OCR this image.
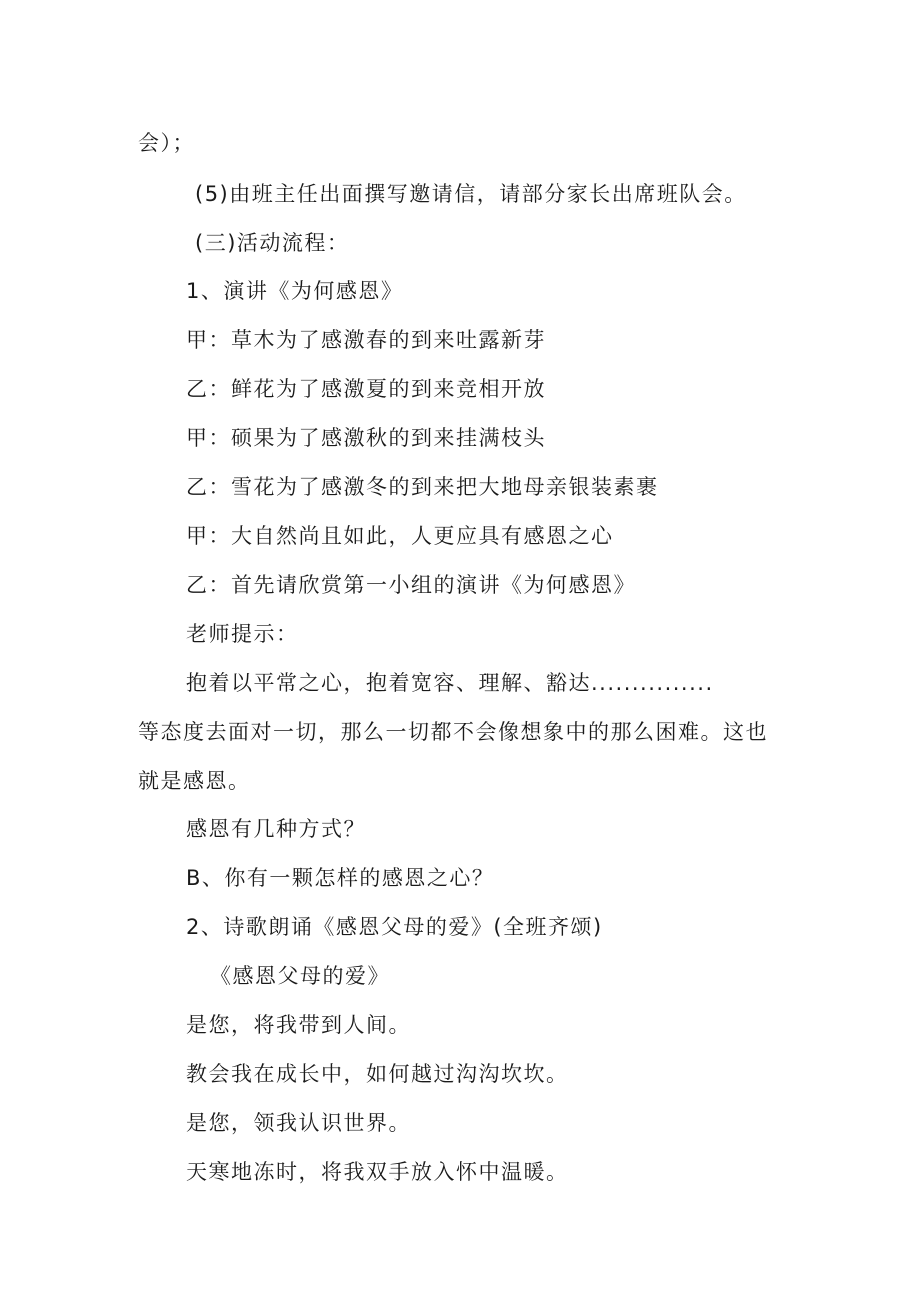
会）；
(5)由班主任出面撰写邀请信，请部分家长出席班队会。
(三)活动流程：
1、演讲《为何感恩》
甲：草木为了感激春的到来吐露新芽
乙：鲜花为了感激夏的到来竞相开放
甲：硕果为了感激秋的到来挂满枝头
乙：雪花为了感激冬的到来把大地母亲银装素裹
甲：大自然尚且如此，人更应具有感恩之心
乙：首先请欣赏第一小组的演讲《为何感恩》
老师提示：
抱着以平常之心，抱着宽容、理解、豁达...............
等态度去面对一切，那么一切都不会像想象中的那么困难。这也
就是感恩。
感恩有几种方式？
B、你有一颗怎样的感恩之心？
2、诗歌朗诵《感恩父母的爱》(全班齐颂)
《感恩父母的爱》
是您，将我带到人间。
教会我在成长中，如何越过沟沟坎坎。
是您，领我认识世界。
天寒地冻时，将我双手放入怀中温暖。
